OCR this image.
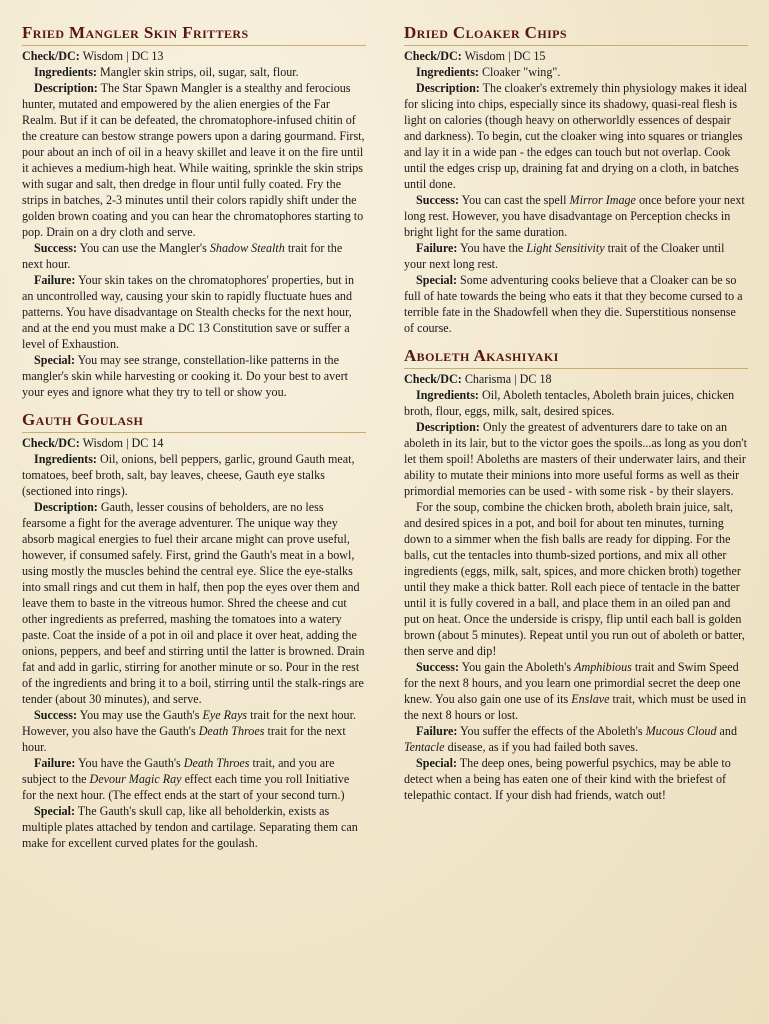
Fried Mangler Skin Fritters

Check/DC: Wisdom | DC 13

Ingredients: Mangler skin strips, oil, sugar, salt, flour.

Description: The Star Spawn Mangler is a stealthy and ferocious hunter, mutated and empowered by the alien energies of the Far Realm. But if it can be defeated, the chromatophore-infused chitin of the creature can bestow strange powers upon a daring gourmand. First, pour about an inch of oil in a heavy skillet and leave it on the fire until it achieves a medium-high heat. While waiting, sprinkle the skin strips with sugar and salt, then dredge in flour until fully coated. Fry the strips in batches, 2-3 minutes until their colors rapidly shift under the golden brown coating and you can hear the chromatophores starting to pop. Drain on a dry cloth and serve.

Success: You can use the Mangler's Shadow Stealth trait for the next hour.

Failure: Your skin takes on the chromatophores' properties, but in an uncontrolled way, causing your skin to rapidly fluctuate hues and patterns. You have disadvantage on Stealth checks for the next hour, and at the end you must make a DC 13 Constitution save or suffer a level of Exhaustion.

Special: You may see strange, constellation-like patterns in the mangler's skin while harvesting or cooking it. Do your best to avert your eyes and ignore what they try to tell or show you.

Gauth Goulash

Check/DC: Wisdom | DC 14

Ingredients: Oil, onions, bell peppers, garlic, ground Gauth meat, tomatoes, beef broth, salt, bay leaves, cheese, Gauth eye stalks (sectioned into rings).

Description: Gauth, lesser cousins of beholders, are no less fearsome a fight for the average adventurer. The unique way they absorb magical energies to fuel their arcane might can prove useful, however, if consumed safely. First, grind the Gauth's meat in a bowl, using mostly the muscles behind the central eye. Slice the eye-stalks into small rings and cut them in half, then pop the eyes over them and leave them to baste in the vitreous humor. Shred the cheese and cut other ingredients as preferred, mashing the tomatoes into a watery paste. Coat the inside of a pot in oil and place it over heat, adding the onions, peppers, and beef and stirring until the latter is browned. Drain fat and add in garlic, stirring for another minute or so. Pour in the rest of the ingredients and bring it to a boil, stirring until the stalk-rings are tender (about 30 minutes), and serve.

Success: You may use the Gauth's Eye Rays trait for the next hour. However, you also have the Gauth's Death Throes trait for the next hour.

Failure: You have the Gauth's Death Throes trait, and you are subject to the Devour Magic Ray effect each time you roll Initiative for the next hour. (The effect ends at the start of your second turn.)

Special: The Gauth's skull cap, like all beholderkin, exists as multiple plates attached by tendon and cartilage. Separating them can make for excellent curved plates for the goulash.

Dried Cloaker Chips

Check/DC: Wisdom | DC 15

Ingredients: Cloaker "wing".

Description: The cloaker's extremely thin physiology makes it ideal for slicing into chips, especially since its shadowy, quasi-real flesh is light on calories (though heavy on otherworldly essences of despair and darkness). To begin, cut the cloaker wing into squares or triangles and lay it in a wide pan - the edges can touch but not overlap. Cook until the edges crisp up, draining fat and drying on a cloth, in batches until done.

Success: You can cast the spell Mirror Image once before your next long rest. However, you have disadvantage on Perception checks in bright light for the same duration.

Failure: You have the Light Sensitivity trait of the Cloaker until your next long rest.

Special: Some adventuring cooks believe that a Cloaker can be so full of hate towards the being who eats it that they become cursed to a terrible fate in the Shadowfell when they die. Superstitious nonsense of course.

Aboleth Akashiyaki

Check/DC: Charisma | DC 18

Ingredients: Oil, Aboleth tentacles, Aboleth brain juices, chicken broth, flour, eggs, milk, salt, desired spices.

Description: Only the greatest of adventurers dare to take on an aboleth in its lair, but to the victor goes the spoils...as long as you don't let them spoil! Aboleths are masters of their underwater lairs, and their ability to mutate their minions into more useful forms as well as their primordial memories can be used - with some risk - by their slayers.

For the soup, combine the chicken broth, aboleth brain juice, salt, and desired spices in a pot, and boil for about ten minutes, turning down to a simmer when the fish balls are ready for dipping. For the balls, cut the tentacles into thumb-sized portions, and mix all other ingredients (eggs, milk, salt, spices, and more chicken broth) together until they make a thick batter. Roll each piece of tentacle in the batter until it is fully covered in a ball, and place them in an oiled pan and put on heat. Once the underside is crispy, flip until each ball is golden brown (about 5 minutes). Repeat until you run out of aboleth or batter, then serve and dip!

Success: You gain the Aboleth's Amphibious trait and Swim Speed for the next 8 hours, and you learn one primordial secret the deep one knew. You also gain one use of its Enslave trait, which must be used in the next 8 hours or lost.

Failure: You suffer the effects of the Aboleth's Mucous Cloud and Tentacle disease, as if you had failed both saves.

Special: The deep ones, being powerful psychics, may be able to detect when a being has eaten one of their kind with the briefest of telepathic contact. If your dish had friends, watch out!
